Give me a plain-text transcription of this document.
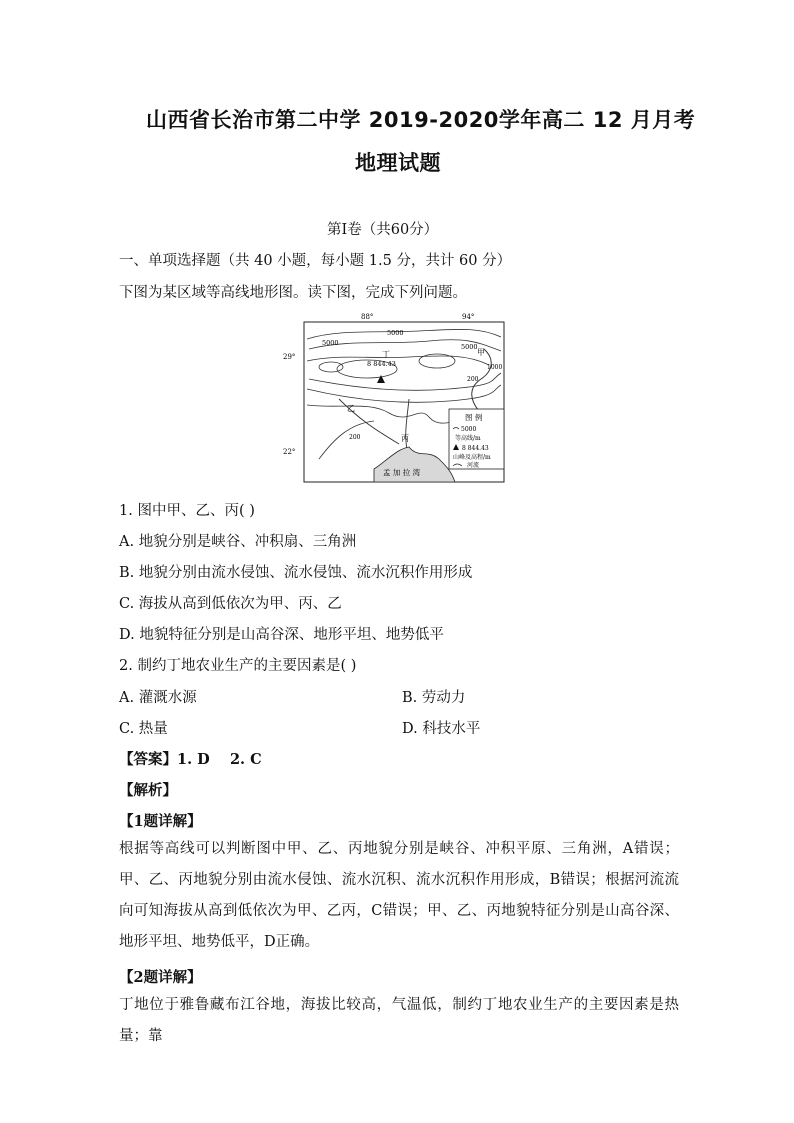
山西省长治市第二中学 2019-2020学年高二 12 月月考
地理试题
第Ⅰ卷（共60分）
一、单项选择题（共 40 小题，每小题 1.5 分，共计 60 分）
下图为某区域等高线地形图。读下图，完成下列问题。
88°	94°
29°
22°
孟 加 拉 湾
5000
5000	5000
200
200
1000
8 844.43
丁	甲
乙
丙
图 例
5000
等高线/m
8 844.43
山峰及高程/m
河流
1. 图中甲、乙、丙( )
A. 地貌分别是峡谷、冲积扇、三角洲
B. 地貌分别由流水侵蚀、流水侵蚀、流水沉积作用形成
C. 海拔从高到低依次为甲、丙、乙
D. 地貌特征分别是山高谷深、地形平坦、地势低平
2. 制约丁地农业生产的主要因素是( )
A. 灌溉水源	B. 劳动力
C. 热量	D. 科技水平
【答案】1. D    2. C
【解析】
【1题详解】
根据等高线可以判断图中甲、乙、丙地貌分别是峡谷、冲积平原、三角洲，A错误；甲、乙、丙地貌分别由流水侵蚀、流水沉积、流水沉积作用形成，B错误；根据河流流向可知海拔从高到低依次为甲、乙丙，C错误；甲、乙、丙地貌特征分别是山高谷深、地形平坦、地势低平，D正确。
【2题详解】
丁地位于雅鲁藏布江谷地，海拔比较高，气温低，制约丁地农业生产的主要因素是热量；靠
